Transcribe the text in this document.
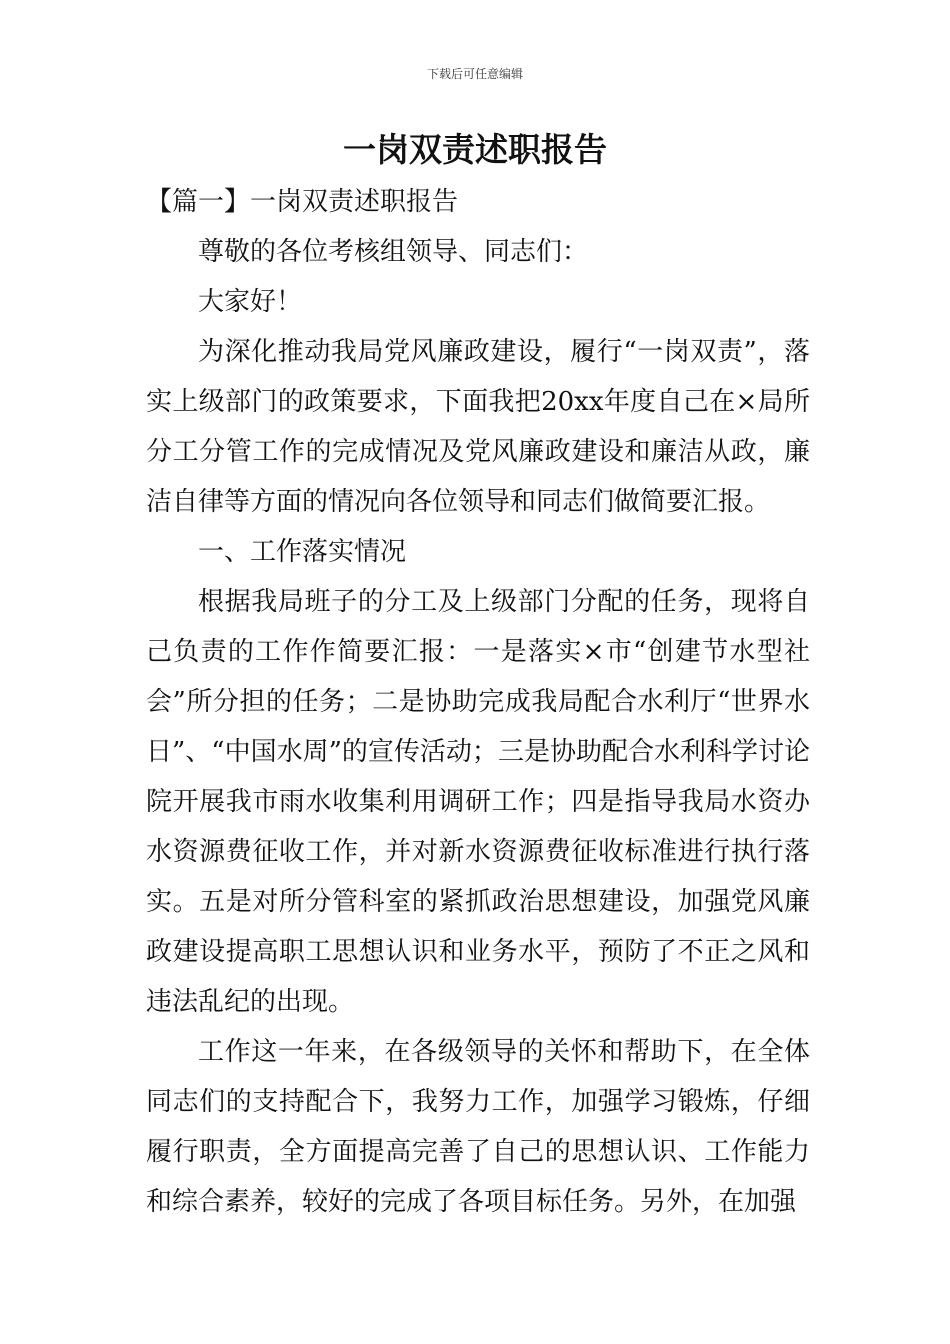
下载后可任意编辑
一岗双责述职报告

【篇一】一岗双责述职报告

尊敬的各位考核组领导、同志们：

大家好！

为深化推动我局党风廉政建设，履行“一岗双责”，落实上级部门的政策要求，下面我把20xx年度自己在×局所分工分管工作的完成情况及党风廉政建设和廉洁从政，廉洁自律等方面的情况向各位领导和同志们做简要汇报。

一、工作落实情况

根据我局班子的分工及上级部门分配的任务，现将自己负责的工作作简要汇报：一是落实×市“创建节水型社会”所分担的任务；二是协助完成我局配合水利厅“世界水日”、“中国水周”的宣传活动；三是协助配合水利科学讨论院开展我市雨水收集利用调研工作；四是指导我局水资办水资源费征收工作，并对新水资源费征收标准进行执行落实。五是对所分管科室的紧抓政治思想建设，加强党风廉政建设提高职工思想认识和业务水平，预防了不正之风和违法乱纪的出现。

工作这一年来，在各级领导的关怀和帮助下，在全体同志们的支持配合下，我努力工作，加强学习锻炼，仔细履行职责，全方面提高完善了自己的思想认识、工作能力和综合素养，较好的完成了各项目标任务。另外，在加强
